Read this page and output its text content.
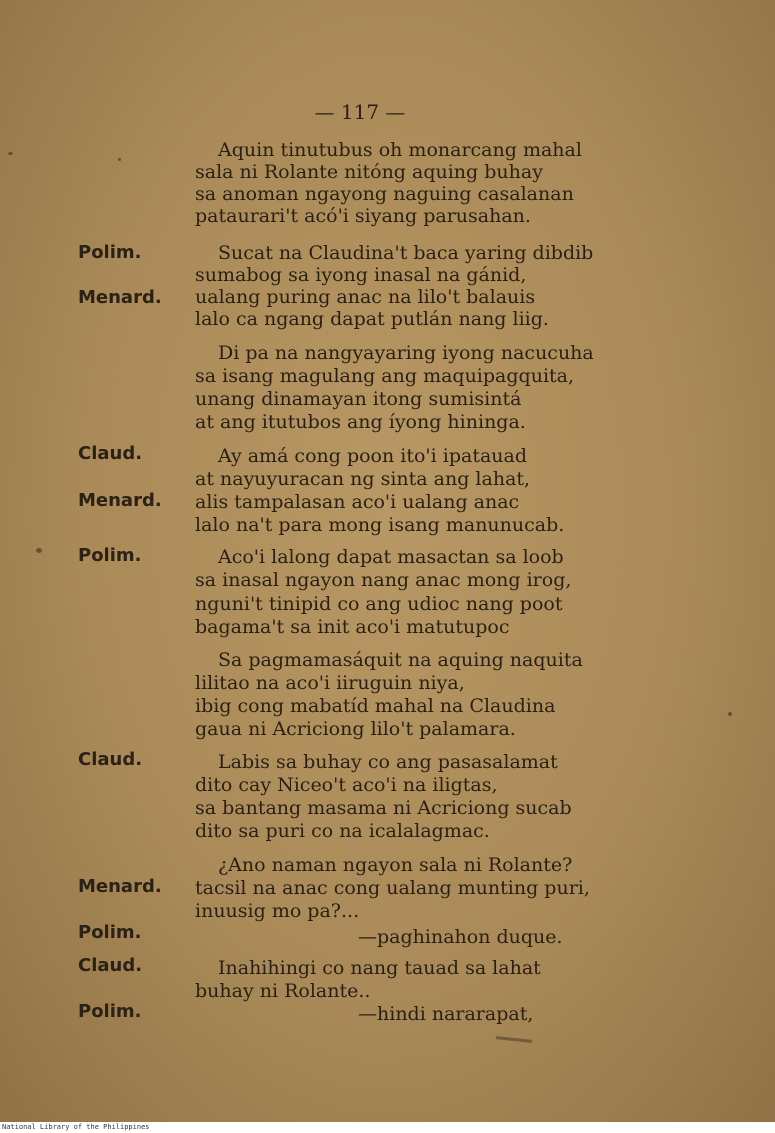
— 117 —
Aquin tinutubus oh monarcang mahal
sala ni Rolante nitóng aquing buhay
sa anoman ngayong naguing casalanan
pataurari't acó'i siyang parusahan.
Polim.	Sucat na Claudina't baca yaring dibdib
sumabog sa iyong inasal na gánid,
Menard. ualang puring anac na lilo't balauis
lalo ca ngang dapat putlán nang liig.
Di pa na nangyayaring iyong nacucuha
sa isang magulang ang maquipagquita,
unang dinamayan itong sumisintá
at ang itutubos ang íyong hininga.
Claud.	Ay amá cong poon ito'i ipatauad
at nayuyuracan ng sinta ang lahat,
Menard. alis tampalasan aco'i ualang anac
lalo na't para mong isang manunucab.
Polim.	Aco'i lalong dapat masactan sa loob
sa inasal ngayon nang anac mong irog,
nguni't tinipid co ang udioc nang poot
bagama't sa init aco'i matutupoc
Sa pagmamasáquit na aquing naquita
lilitao na aco'i iiruguin niya,
ibig cong mabatíd mahal na Claudina
gaua ni Acriciong lilo't palamara.
Claud.	Labis sa buhay co ang pasasalamat
dito cay Niceo't aco'i na iligtas,
sa bantang masama ni Acriciong sucab
dito sa puri co na icalalagmac.
¿Ano naman ngayon sala ni Rolante?
Menard. tacsil na anac cong ualang munting puri,
inuusig mo pa?...
Polim.	—paghinahon duque.
Claud.	Inahihingi co nang tauad sa lahat
buhay ni Rolante..
Polim.	—hindi nararapat,
National Library of the Philippines
